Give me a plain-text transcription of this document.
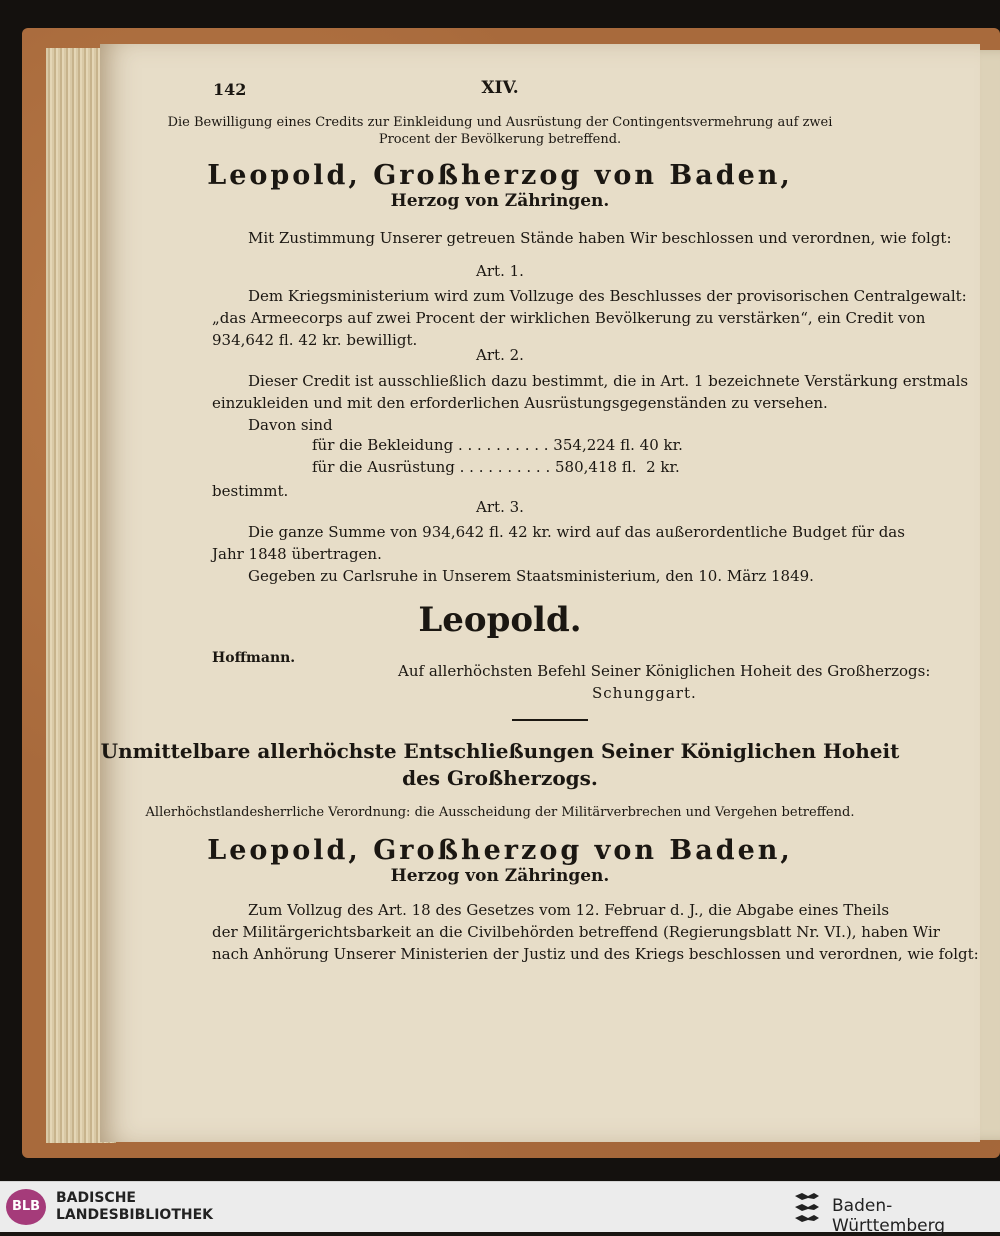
142	XIV.
Die Bewilligung eines Credits zur Einkleidung und Ausrüstung der Contingentsvermehrung auf zwei
Procent der Bevölkerung betreffend.
Leopold, Großherzog von Baden,
Herzog von Zähringen.
Mit Zustimmung Unserer getreuen Stände haben Wir beschlossen und verordnen, wie folgt:
Art. 1.
Dem Kriegsministerium wird zum Vollzuge des Beschlusses der provisorischen Centralgewalt:
„das Armeecorps auf zwei Procent der wirklichen Bevölkerung zu verstärken“, ein Credit von
934,642 fl. 42 kr. bewilligt.
Art. 2.
Dieser Credit ist ausschließlich dazu bestimmt, die in Art. 1 bezeichnete Verstärkung erstmals
einzukleiden und mit den erforderlichen Ausrüstungsgegenständen zu versehen.
Davon sind
für die Bekleidung . . . . . . . . . . 354,224 fl. 40 kr.
für die Ausrüstung . . . . . . . . . . 580,418 fl.  2 kr.
bestimmt.
Art. 3.
Die ganze Summe von 934,642 fl. 42 kr. wird auf das außerordentliche Budget für das
Jahr 1848 übertragen.
Gegeben zu Carlsruhe in Unserem Staatsministerium, den 10. März 1849.
Leopold.
Hoffmann.
Auf allerhöchsten Befehl Seiner Königlichen Hoheit des Großherzogs:
Schunggart.
Unmittelbare allerhöchste Entschließungen Seiner Königlichen Hoheit
des Großherzogs.
Allerhöchstlandesherrliche Verordnung: die Ausscheidung der Militärverbrechen und Vergehen betreffend.
Leopold, Großherzog von Baden,
Herzog von Zähringen.
Zum Vollzug des Art. 18 des Gesetzes vom 12. Februar d. J., die Abgabe eines Theils
der Militärgerichtsbarkeit an die Civilbehörden betreffend (Regierungsblatt Nr. VI.), haben Wir
nach Anhörung Unserer Ministerien der Justiz und des Kriegs beschlossen und verordnen, wie folgt:
BLB
BADISCHE
LANDESBIBLIOTHEK	Baden-Württemberg
